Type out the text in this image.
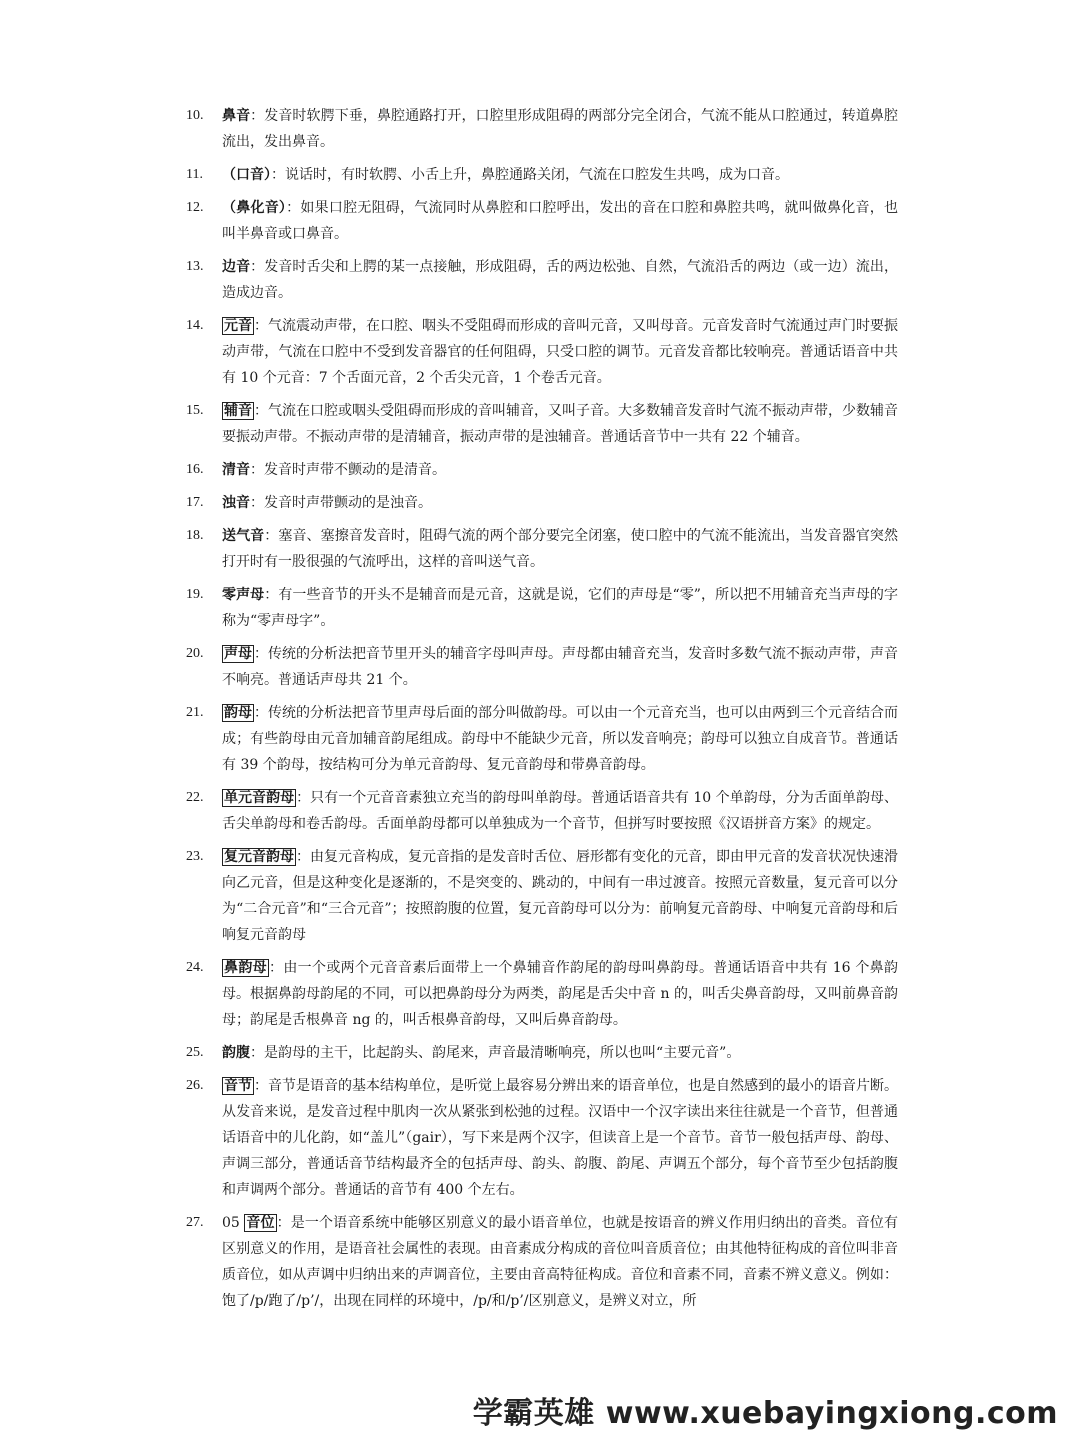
10.	鼻音：发音时软腭下垂，鼻腔通路打开，口腔里形成阻碍的两部分完全闭合，气流不能从口腔通过，转道鼻腔流出，发出鼻音。
11.	（口音）：说话时，有时软腭、小舌上升，鼻腔通路关闭，气流在口腔发生共鸣，成为口音。
12.	（鼻化音）：如果口腔无阻碍，气流同时从鼻腔和口腔呼出，发出的音在口腔和鼻腔共鸣，就叫做鼻化音，也叫半鼻音或口鼻音。
13.	边音：发音时舌尖和上腭的某一点接触，形成阻碍，舌的两边松弛、自然，气流沿舌的两边（或一边）流出，造成边音。
14.	元音 ：气流震动声带，在口腔、咽头不受阻碍而形成的音叫元音，又叫母音。元音发音时气流通过声门时要振动声带，气流在口腔中不受到发音器官的任何阻碍，只受口腔的调节。元音发音都比较响亮。普通话语音中共有 10 个元音：7 个舌面元音，2 个舌尖元音，1 个卷舌元音。
15.	辅音 ：气流在口腔或咽头受阻碍而形成的音叫辅音，又叫子音。大多数辅音发音时气流不振动声带，少数辅音要振动声带。不振动声带的是清辅音，振动声带的是浊辅音。普通话音节中一共有 22 个辅音。
16.	清音：发音时声带不颤动的是清音。
17.	浊音：发音时声带颤动的是浊音。
18.	送气音：塞音、塞擦音发音时，阻碍气流的两个部分要完全闭塞，使口腔中的气流不能流出，当发音器官突然打开时有一股很强的气流呼出，这样的音叫送气音。
19.	零声母：有一些音节的开头不是辅音而是元音，这就是说，它们的声母是“零”，所以把不用辅音充当声母的字称为“零声母字”。
20.	声母 ：传统的分析法把音节里开头的辅音字母叫声母。声母都由辅音充当，发音时多数气流不振动声带，声音不响亮。普通话声母共 21 个。
21.	韵母 ：传统的分析法把音节里声母后面的部分叫做韵母。可以由一个元音充当，也可以由两到三个元音结合而成；有些韵母由元音加辅音韵尾组成。韵母中不能缺少元音，所以发音响亮；韵母可以独立自成音节。普通话有 39 个韵母，按结构可分为单元音韵母、复元音韵母和带鼻音韵母。
22.	单元音韵母 ：只有一个元音音素独立充当的韵母叫单韵母。普通话语音共有 10 个单韵母，分为舌面单韵母、舌尖单韵母和卷舌韵母。舌面单韵母都可以单独成为一个音节，但拼写时要按照《汉语拼音方案》的规定。
23.	复元音韵母 ：由复元音构成，复元音指的是发音时舌位、唇形都有变化的元音，即由甲元音的发音状况快速滑向乙元音，但是这种变化是逐渐的，不是突变的、跳动的，中间有一串过渡音。按照元音数量，复元音可以分为“二合元音”和“三合元音”；按照韵腹的位置，复元音韵母可以分为：前响复元音韵母、中响复元音韵母和后响复元音韵母
24.	鼻韵母 ：由一个或两个元音音素后面带上一个鼻辅音作韵尾的韵母叫鼻韵母。普通话语音中共有 16 个鼻韵母。根据鼻韵母韵尾的不同，可以把鼻韵母分为两类，韵尾是舌尖中音 n 的，叫舌尖鼻音韵母，又叫前鼻音韵母；韵尾是舌根鼻音 ng 的，叫舌根鼻音韵母，又叫后鼻音韵母。
25.	韵腹：是韵母的主干，比起韵头、韵尾来，声音最清晰响亮，所以也叫“主要元音”。
26.	音节 ：音节是语音的基本结构单位，是听觉上最容易分辨出来的语音单位，也是自然感到的最小的语音片断。从发音来说，是发音过程中肌肉一次从紧张到松弛的过程。汉语中一个汉字读出来往往就是一个音节，但普通话语音中的儿化韵，如“盖儿”（gair），写下来是两个汉字，但读音上是一个音节。音节一般包括声母、韵母、声调三部分，普通话音节结构最齐全的包括声母、韵头、韵腹、韵尾、声调五个部分，每个音节至少包括韵腹和声调两个部分。普通话的音节有 400 个左右。
27.	05 音位 ：是一个语音系统中能够区别意义的最小语音单位，也就是按语音的辨义作用归纳出的音类。音位有区别意义的作用，是语音社会属性的表现。由音素成分构成的音位叫音质音位；由其他特征构成的音位叫非音质音位，如从声调中归纳出来的声调音位，主要由音高特征构成。音位和音素不同，音素不辨义意义。例如：饱了/p/跑了/p’/，出现在同样的环境中，/p/和/p’/区别意义，是辨义对立，所
学霸英雄 www.xuebayingxiong.com
